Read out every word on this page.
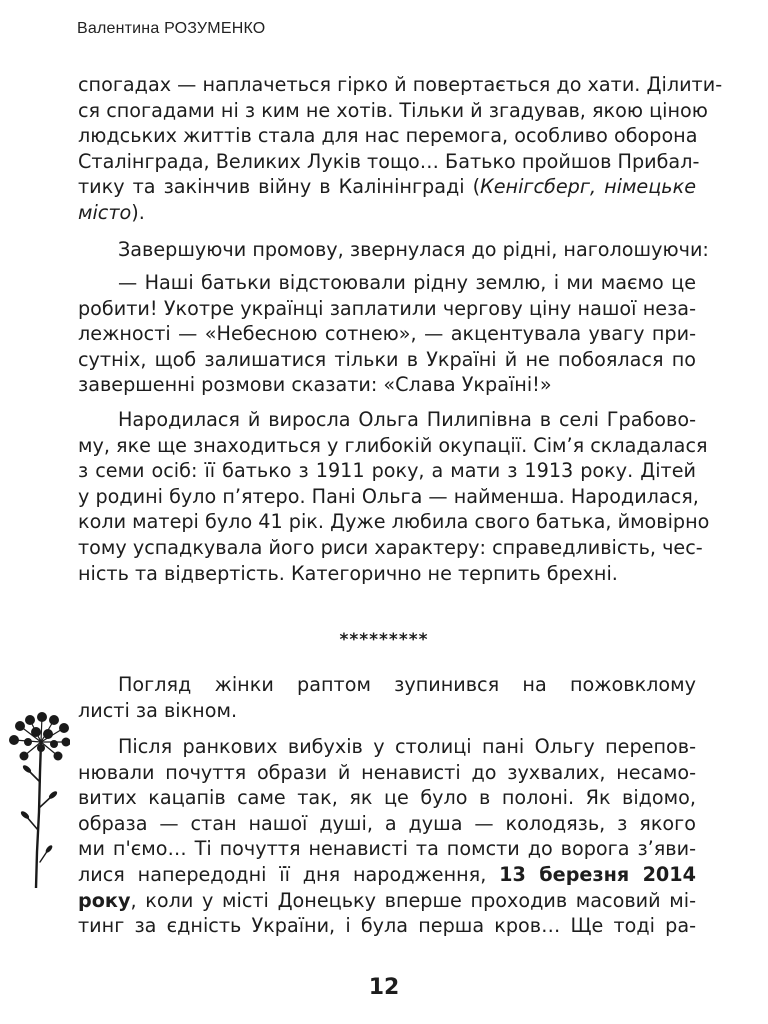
Валентина РОЗУМЕНКО
спогадах — наплачеться гірко й повертається до хати. Ділити-
ся спогадами ні з ким не хотів. Тільки й згадував, якою ціною
людських життів стала для нас перемога, особливо оборона
Сталінграда, Великих Луків тощо… Батько пройшов Прибал-
тику та закінчив війну в Калінінграді (Кенігсберг, німецьке
місто).
Завершуючи промову, звернулася до рідні, наголошуючи:
— Наші батьки відстоювали рідну землю, і ми маємо це
робити! Укотре українці заплатили чергову ціну нашої неза-
лежності — «Небесною сотнею», — акцентувала увагу при-
сутніх, щоб залишатися тільки в Україні й не побоялася по
завершенні розмови сказати: «Слава Україні!»
Народилася й виросла Ольга Пилипівна в селі Грабово-
му, яке ще знаходиться у глибокій окупації. Сім’я складалася
з семи осіб: її батько з 1911 року, а мати з 1913 року. Дітей
у родині було п’ятеро. Пані Ольга — найменша. Народилася,
коли матері було 41 рік. Дуже любила свого батька, ймовірно
тому успадкувала його риси характеру: справедливість, чес-
ність та відвертість. Категорично не терпить брехні.
*********
Погляд жінки раптом зупинився на пожовклому
листі за вікном.
Після ранкових вибухів у столиці пані Ольгу перепов-
нювали почуття образи й ненависті до зухвалих, несамо-
витих кацапів саме так, як це було в полоні. Як відомо,
образа — стан нашої душі, а душа — колодязь, з якого
ми п'ємо… Ті почуття ненависті та помсти до ворога з’яви-
лися напередодні її дня народження, 13 березня 2014
року, коли у місті Донецьку вперше проходив масовий мі-
тинг за єдність України, і була перша кров… Ще тоді ра-
12
